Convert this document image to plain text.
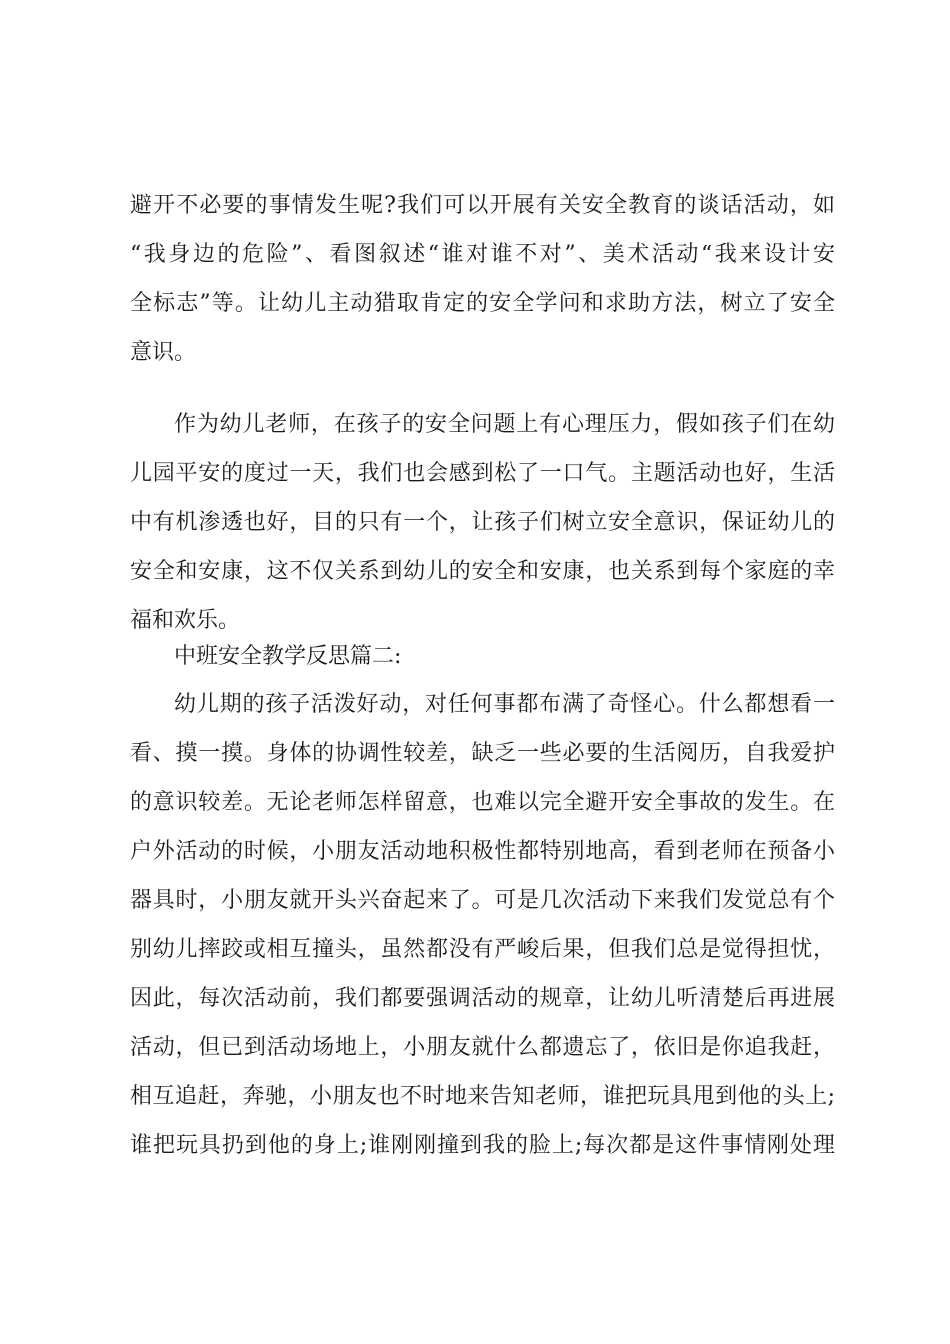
避开不必要的事情发生呢?我们可以开展有关安全教育的谈话活动，如
“我身边的危险”、看图叙述“谁对谁不对”、美术活动“我来设计安
全标志”等。让幼儿主动猎取肯定的安全学问和求助方法，树立了安全
意识。
作为幼儿老师，在孩子的安全问题上有心理压力，假如孩子们在幼
儿园平安的度过一天，我们也会感到松了一口气。主题活动也好，生活
中有机渗透也好，目的只有一个，让孩子们树立安全意识，保证幼儿的
安全和安康，这不仅关系到幼儿的安全和安康，也关系到每个家庭的幸
福和欢乐。
中班安全教学反思篇二:
幼儿期的孩子活泼好动，对任何事都布满了奇怪心。什么都想看一
看、摸一摸。身体的协调性较差，缺乏一些必要的生活阅历，自我爱护
的意识较差。无论老师怎样留意，也难以完全避开安全事故的发生。在
户外活动的时候，小朋友活动地积极性都特别地高，看到老师在预备小
器具时，小朋友就开头兴奋起来了。可是几次活动下来我们发觉总有个
别幼儿摔跤或相互撞头，虽然都没有严峻后果，但我们总是觉得担忧，
因此，每次活动前，我们都要强调活动的规章，让幼儿听清楚后再进展
活动，但已到活动场地上，小朋友就什么都遗忘了，依旧是你追我赶，
相互追赶，奔驰，小朋友也不时地来告知老师，谁把玩具甩到他的头上;
谁把玩具扔到他的身上;谁刚刚撞到我的脸上;每次都是这件事情刚处理
